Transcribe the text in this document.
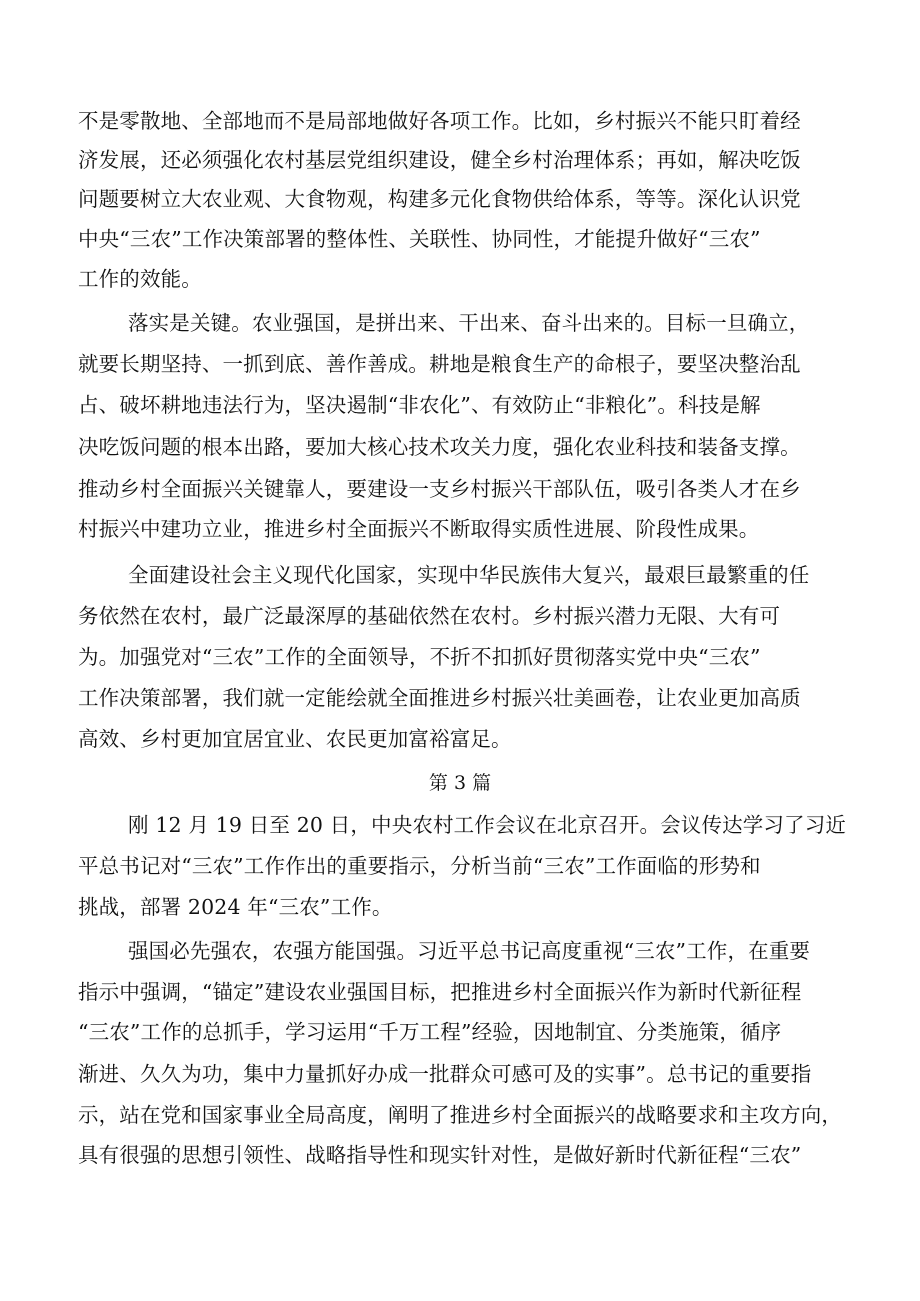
不是零散地、全部地而不是局部地做好各项工作。比如，乡村振兴不能只盯着经
济发展，还必须强化农村基层党组织建设，健全乡村治理体系；再如，解决吃饭
问题要树立大农业观、大食物观，构建多元化食物供给体系，等等。深化认识党
中央“三农”工作决策部署的整体性、关联性、协同性，才能提升做好“三农”
工作的效能。
落实是关键。农业强国，是拼出来、干出来、奋斗出来的。目标一旦确立，
就要长期坚持、一抓到底、善作善成。耕地是粮食生产的命根子，要坚决整治乱
占、破坏耕地违法行为，坚决遏制“非农化”、有效防止“非粮化”。科技是解
决吃饭问题的根本出路，要加大核心技术攻关力度，强化农业科技和装备支撑。
推动乡村全面振兴关键靠人，要建设一支乡村振兴干部队伍，吸引各类人才在乡
村振兴中建功立业，推进乡村全面振兴不断取得实质性进展、阶段性成果。
全面建设社会主义现代化国家，实现中华民族伟大复兴，最艰巨最繁重的任
务依然在农村，最广泛最深厚的基础依然在农村。乡村振兴潜力无限、大有可
为。加强党对“三农”工作的全面领导，不折不扣抓好贯彻落实党中央“三农”
工作决策部署，我们就一定能绘就全面推进乡村振兴壮美画卷，让农业更加高质
高效、乡村更加宜居宜业、农民更加富裕富足。
第 3 篇
刚 12 月 19 日至 20 日，中央农村工作会议在北京召开。会议传达学习了习近
平总书记对“三农”工作作出的重要指示，分析当前“三农”工作面临的形势和
挑战，部署 2024 年“三农”工作。
强国必先强农，农强方能国强。习近平总书记高度重视“三农”工作，在重要
指示中强调，“锚定”建设农业强国目标，把推进乡村全面振兴作为新时代新征程
“三农”工作的总抓手，学习运用“千万工程”经验，因地制宜、分类施策，循序
渐进、久久为功，集中力量抓好办成一批群众可感可及的实事”。总书记的重要指
示，站在党和国家事业全局高度，阐明了推进乡村全面振兴的战略要求和主攻方向，
具有很强的思想引领性、战略指导性和现实针对性，是做好新时代新征程“三农”
